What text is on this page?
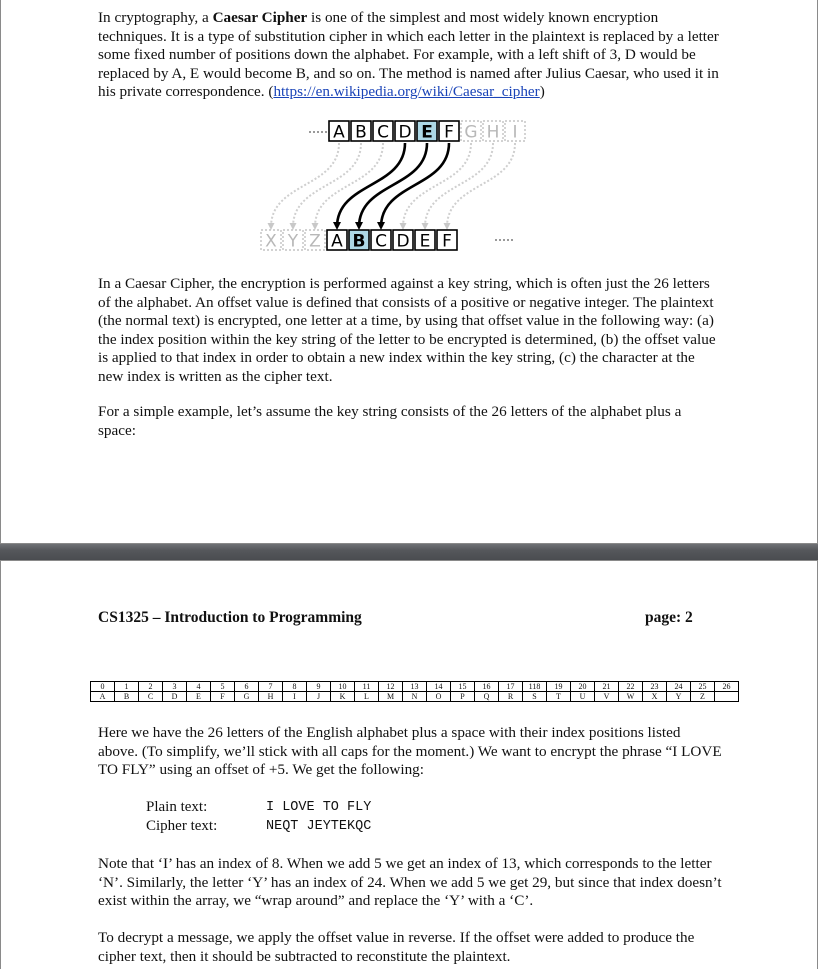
In cryptography, a Caesar Cipher is one of the simplest and most widely known encryption techniques. It is a type of substitution cipher in which each letter in the plaintext is replaced by a letter some fixed number of positions down the alphabet. For example, with a left shift of 3, D would be replaced by A, E would become B, and so on. The method is named after Julius Caesar, who used it in his private correspondence. (https://en.wikipedia.org/wiki/Caesar_cipher)
G H I
A B C D E F
X Y Z A B C D E F
In a Caesar Cipher, the encryption is performed against a key string, which is often just the 26 letters of the alphabet. An offset value is defined that consists of a positive or negative integer. The plaintext (the normal text) is encrypted, one letter at a time, by using that offset value in the following way: (a) the index position within the key string of the letter to be encrypted is determined, (b) the offset value is applied to that index in order to obtain a new index within the key string, (c) the character at the new index is written as the cipher text.
For a simple example, let’s assume the key string consists of the 26 letters of the alphabet plus a space:
CS1325 – Introduction to Programming	page: 2
0	1	2	3	4	5	6	7	8	9	10	11	12	13	14	15	16	17	118	19	20	21	22	23	24	25	26
A	B	C	D	E	F	G	H	I	J	K	L	M	N	O	P	Q	R	S	T	U	V	W	X	Y	Z	
Here we have the 26 letters of the English alphabet plus a space with their index positions listed above. (To simplify, we’ll stick with all caps for the moment.) We want to encrypt the phrase “I LOVE TO FLY” using an offset of +5. We get the following:
Plain text:	I LOVE TO FLY
Cipher text:	NEQT JEYTEKQC
Note that ‘I’ has an index of 8. When we add 5 we get an index of 13, which corresponds to the letter ‘N’. Similarly, the letter ‘Y’ has an index of 24. When we add 5 we get 29, but since that index doesn’t exist within the array, we “wrap around” and replace the ‘Y’ with a ‘C’.
To decrypt a message, we apply the offset value in reverse. If the offset were added to produce the cipher text, then it should be subtracted to reconstitute the plaintext.
